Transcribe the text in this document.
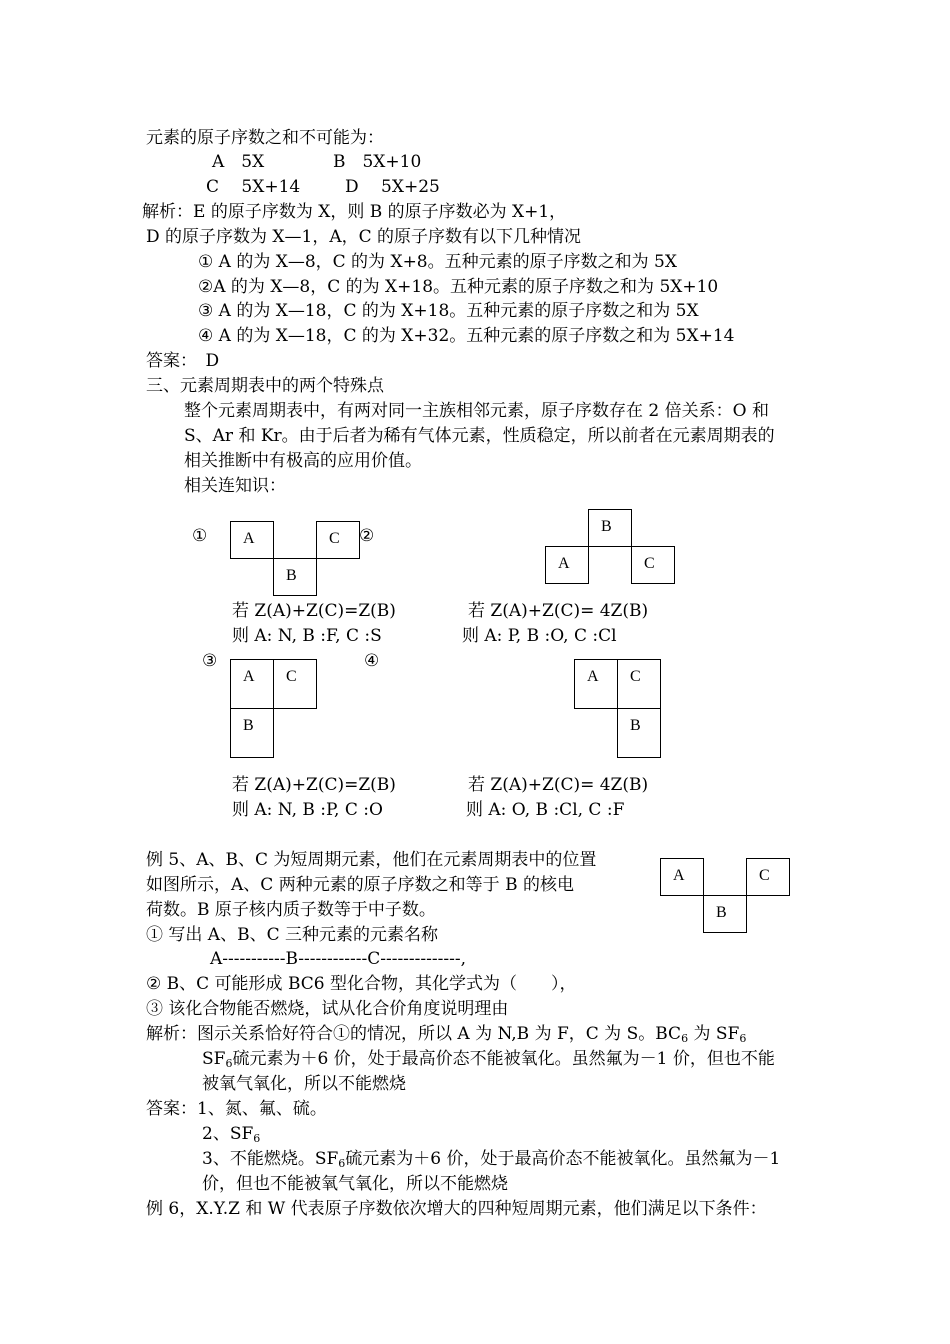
元素的原子序数之和不可能为：
A　5X	B　5X+10
C　 5X+14	D　 5X+25
解析：E 的原子序数为 X，则 B 的原子序数必为 X+1，
D 的原子序数为 X—1，A，C 的原子序数有以下几种情况
① A 的为 X—8，C 的为 X+8。五种元素的原子序数之和为 5X
②A 的为 X—8，C 的为 X+18。五种元素的原子序数之和为 5X+10
③ A 的为 X—18，C 的为 X+18。五种元素的原子序数之和为 5X
④ A 的为 X—18，C 的为 X+32。五种元素的原子序数之和为 5X+14
答案：　D
三、元素周期表中的两个特殊点
整个元素周期表中，有两对同一主族相邻元素，原子序数存在 2 倍关系：O 和
S、Ar 和 Kr。由于后者为稀有气体元素，性质稳定，所以前者在元素周期表的
相关推断中有极高的应用价值。
相关连知识：
① A	C
B
②	B
A	C
若 Z(A)+Z(C)=Z(B)
则 A: N, B :F, C :S
若 Z(A)+Z(C)= 4Z(B)
则 A: P, B :O, C :Cl
③
A C
B
④
A C
B
若 Z(A)+Z(C)=Z(B)
则 A: N, B :P, C :O
若 Z(A)+Z(C)= 4Z(B)
则 A: O, B :Cl, C :F
例 5、A、B、C 为短周期元素，他们在元素周期表中的位置
如图所示，A、C 两种元素的原子序数之和等于 B 的核电
荷数。B 原子核内质子数等于中子数。
A	C
B
① 写出 A、B、C 三种元素的元素名称
A-----------B------------C--------------,
② B、C 可能形成 BC6 型化合物，其化学式为（　　），
③ 该化合物能否燃烧，试从化合价角度说明理由
解析：图示关系恰好符合①的情况，所以 A 为 N,B 为 F，C 为 S。$BC_6$ 为 $SF_6$
$SF_6$硫元素为＋6 价，处于最高价态不能被氧化。虽然氟为－1 价，但也不能
被氧气氧化，所以不能燃烧
答案：1、氮、氟、硫。
2、$SF_6$
3、不能燃烧。$SF_6$硫元素为＋6 价，处于最高价态不能被氧化。虽然氟为－1
价，但也不能被氧气氧化，所以不能燃烧
例 6，X.Y.Z 和 W 代表原子序数依次增大的四种短周期元素，他们满足以下条件：
